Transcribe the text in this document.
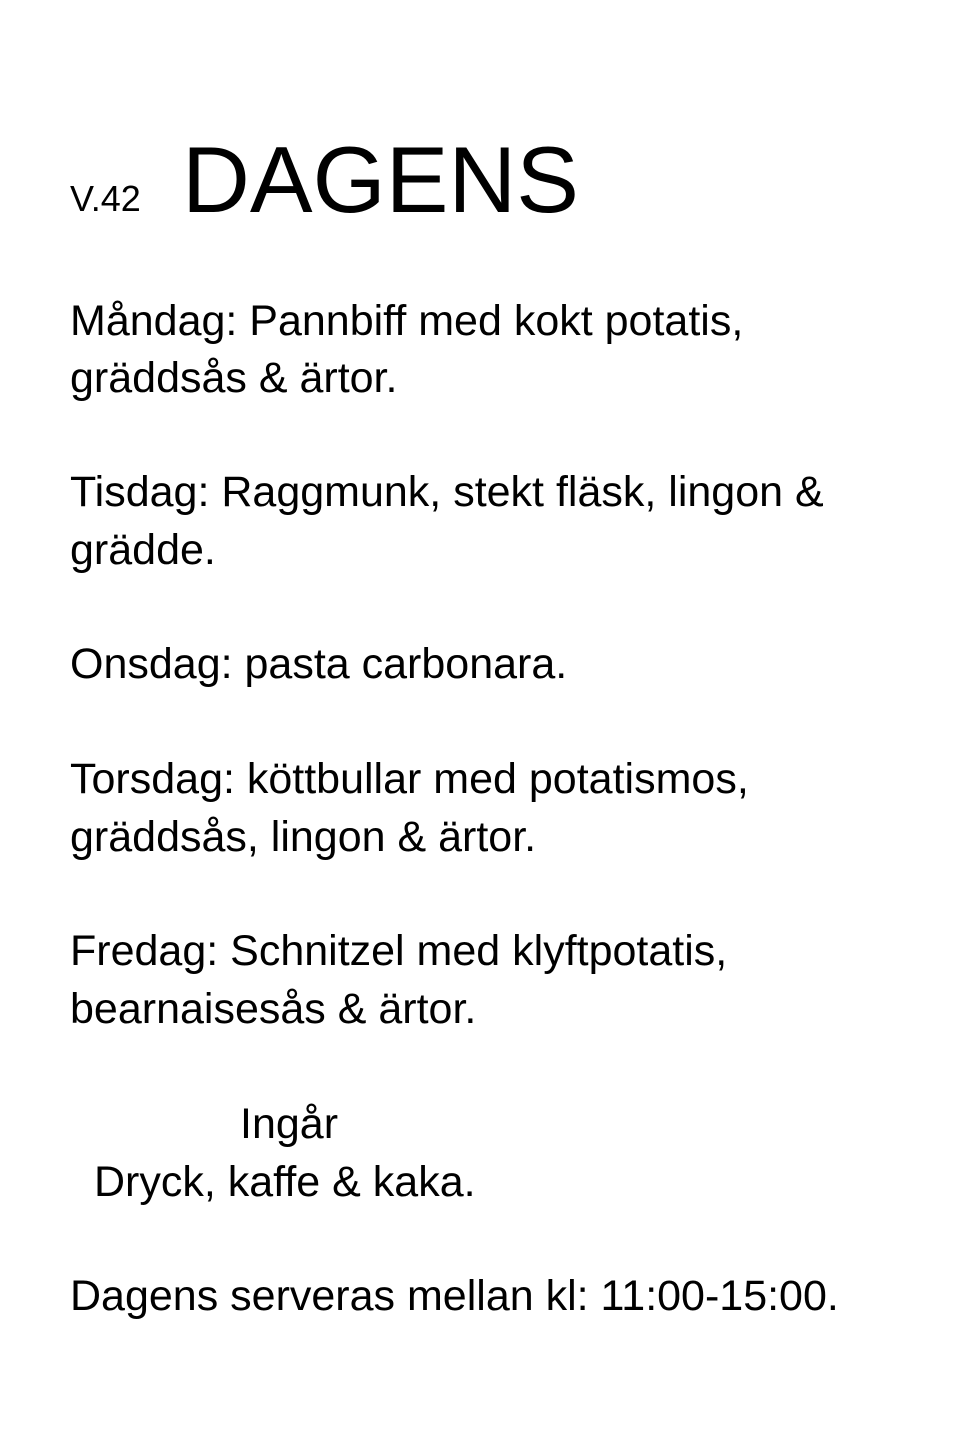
V.42 DAGENS
Måndag: Pannbiff med kokt potatis,
gräddsås & ärtor.
Tisdag: Raggmunk, stekt fläsk, lingon &
grädde.
Onsdag: pasta carbonara.
Torsdag: köttbullar med potatismos,
gräddsås, lingon & ärtor.
Fredag: Schnitzel med klyftpotatis,
bearnaisesås & ärtor.
Ingår
Dryck, kaffe & kaka.
Dagens serveras mellan kl: 11:00-15:00.
